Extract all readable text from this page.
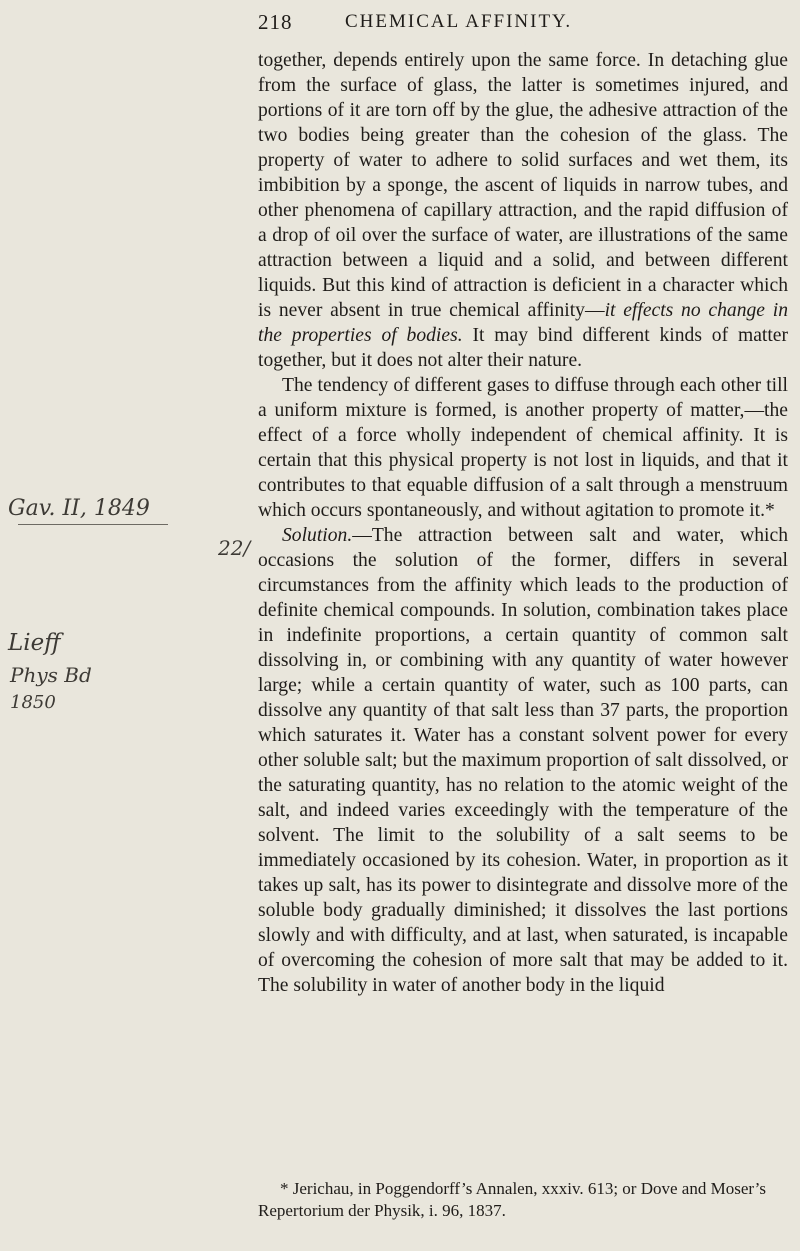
218	CHEMICAL AFFINITY.

together, depends entirely upon the same force. In detaching glue from the surface of glass, the latter is sometimes injured, and portions of it are torn off by the glue, the adhesive attraction of the two bodies being greater than the cohesion of the glass. The property of water to adhere to solid surfaces and wet them, its imbibition by a sponge, the ascent of liquids in narrow tubes, and other phenomena of capillary attraction, and the rapid diffusion of a drop of oil over the surface of water, are illustrations of the same attraction between a liquid and a solid, and between different liquids. But this kind of attraction is deficient in a character which is never absent in true chemical affinity—it effects no change in the properties of bodies. It may bind different kinds of matter together, but it does not alter their nature.

The tendency of different gases to diffuse through each other till a uniform mixture is formed, is another property of matter,—the effect of a force wholly independent of chemical affinity. It is certain that this physical property is not lost in liquids, and that it contributes to that equable diffusion of a salt through a menstruum which occurs spontaneously, and without agitation to promote it.*

Solution.—The attraction between salt and water, which occasions the solution of the former, differs in several circumstances from the affinity which leads to the production of definite chemical compounds. In solution, combination takes place in indefinite proportions, a certain quantity of common salt dissolving in, or combining with any quantity of water however large; while a certain quantity of water, such as 100 parts, can dissolve any quantity of that salt less than 37 parts, the proportion which saturates it. Water has a constant solvent power for every other soluble salt; but the maximum proportion of salt dissolved, or the saturating quantity, has no relation to the atomic weight of the salt, and indeed varies exceedingly with the temperature of the solvent. The limit to the solubility of a salt seems to be immediately occasioned by its cohesion. Water, in proportion as it takes up salt, has its power to disintegrate and dissolve more of the soluble body gradually diminished; it dissolves the last portions slowly and with difficulty, and at last, when saturated, is incapable of overcoming the cohesion of more salt that may be added to it. The solubility in water of another body in the liquid

* Jerichau, in Poggendorff’s Annalen, xxxiv. 613; or Dove and Moser’s Repertorium der Physik, i. 96, 1837.

Gav. II, 1849
22/
Lieff
Phys Bd
1850
